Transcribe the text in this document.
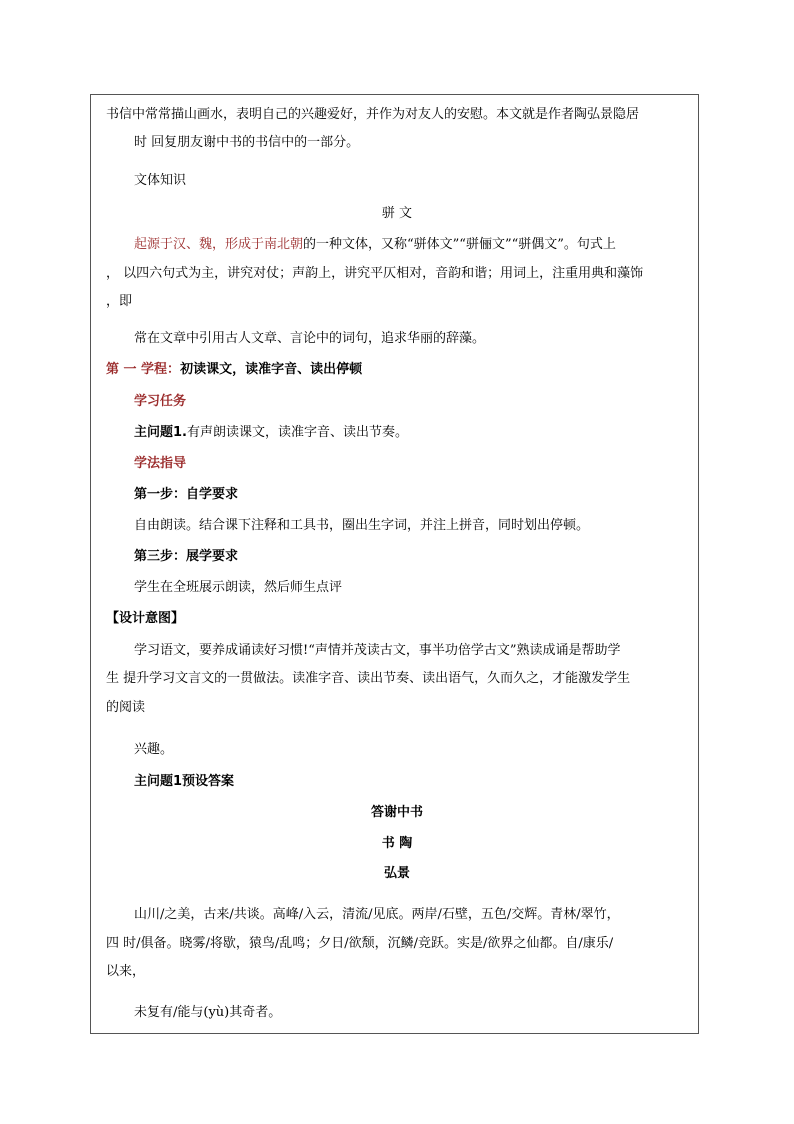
书信中常常描山画水，表明自己的兴趣爱好，并作为对友人的安慰。本文就是作者陶弘景隐居
时 回复朋友谢中书的书信中的一部分。
文体知识
骈 文
起源于汉、魏，形成于南北朝的一种文体，又称“骈体文”“骈俪文”“骈偶文”。句式上
， 以四六句式为主，讲究对仗；声韵上，讲究平仄相对，音韵和谐；用词上，注重用典和藻饰
，即
常在文章中引用古人文章、言论中的词句，追求华丽的辞藻。
第 一 学程：初读课文，读准字音、读出停顿
学习任务
主问题1.有声朗读课文，读准字音、读出节奏。
学法指导
第一步：自学要求
自由朗读。结合课下注释和工具书，圈出生字词，并注上拼音，同时划出停顿。
第三步：展学要求
学生在全班展示朗读，然后师生点评
【设计意图】
学习语文，要养成诵读好习惯!“声情并茂读古文，事半功倍学古文”熟读成诵是帮助学
生 提升学习文言文的一贯做法。读准字音、读出节奏、读出语气，久而久之，才能激发学生
的阅读
兴趣。
主问题1预设答案
答谢中书
书 陶
弘景
山川/之美，古来/共谈。高峰/入云，清流/见底。两岸/石壁，五色/交辉。青林/翠竹，
四 时/俱备。晓雾/将歇，猿鸟/乱鸣；夕日/欲颓，沉鳞/竞跃。实是/欲界之仙都。自/康乐/
以来，
未复有/能与(yù)其奇者。
